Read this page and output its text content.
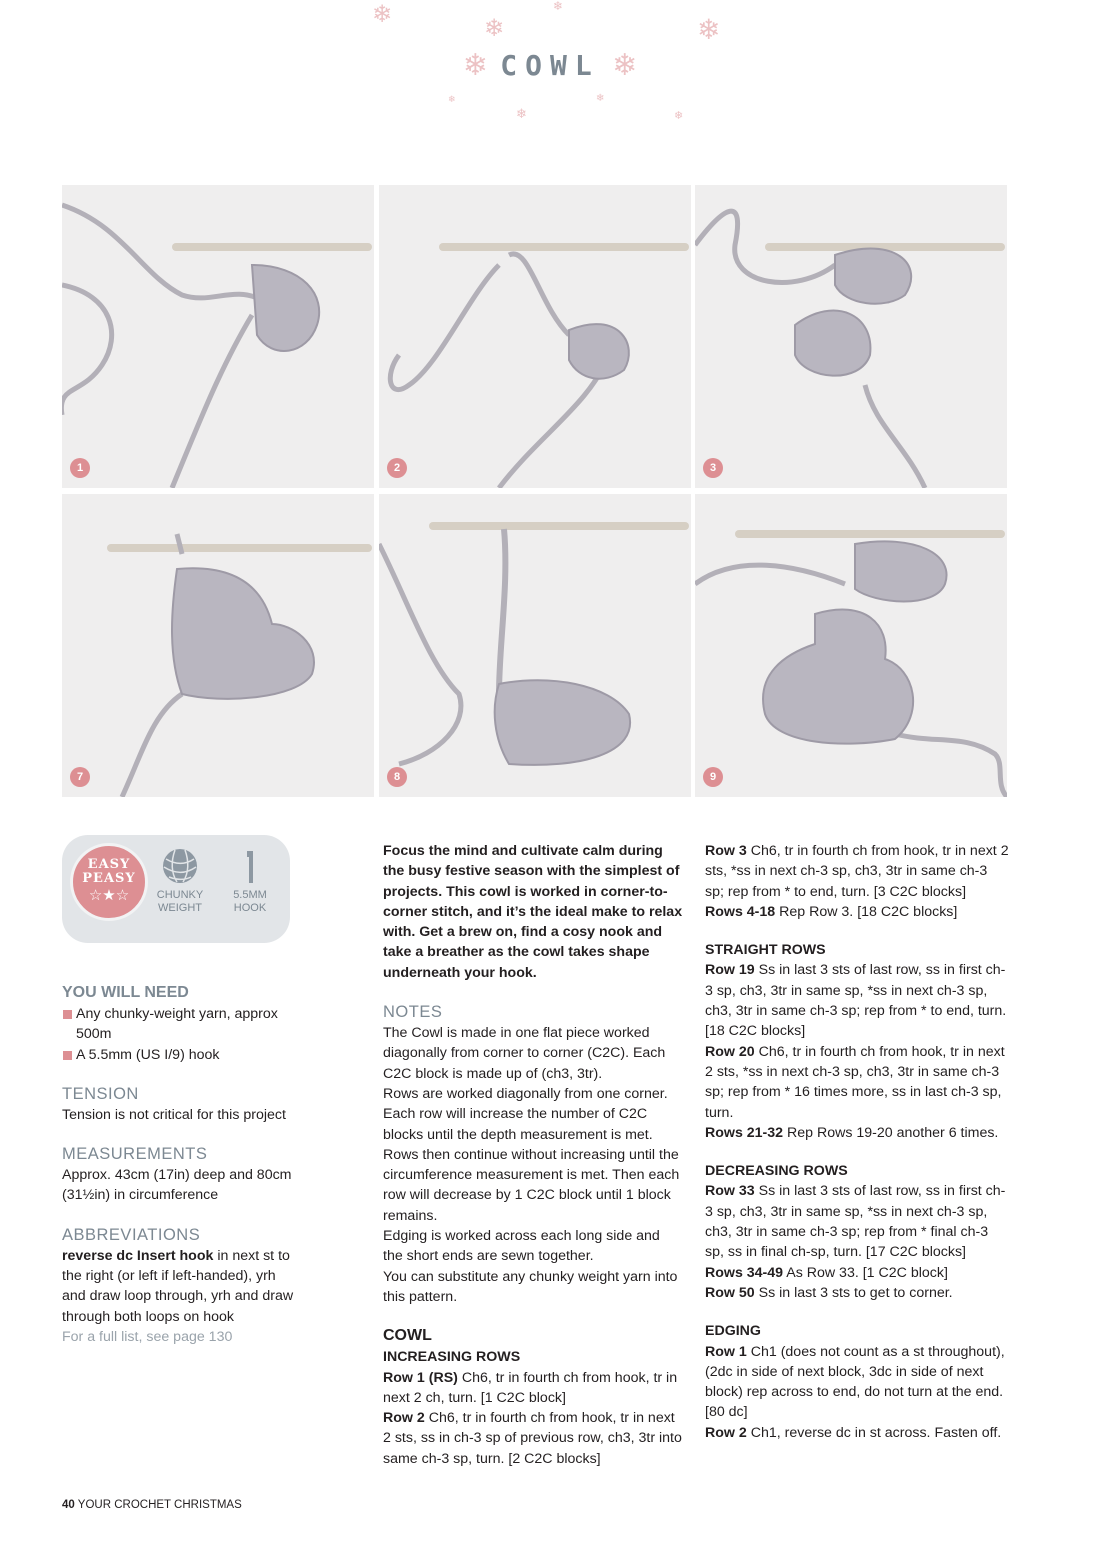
❄	❄
❄
❄
❄
❄
❄
❄
❄ COWL ❄
1	2	3
7	8	9
EASY
PEASY
☆★☆	CHUNKY
WEIGHT
5.5MM
HOOK
YOU WILL NEED

Any chunky-weight yarn, approx 500m

A 5.5mm (US I/9) hook

TENSION

Tension is not critical for this project

MEASUREMENTS

Approx. 43cm (17in) deep and 80cm (31½in) in circumference

ABBREVIATIONS

reverse dc Insert hook in next st to the right (or left if left-handed), yrh and draw loop through, yrh and draw through both loops on hook

For a full list, see page 130

Focus the mind and cultivate calm during the busy festive season with the simplest of projects. This cowl is worked in corner-to-corner stitch, and it’s the ideal make to relax with. Get a brew on, find a cosy nook and take a breather as the cowl takes shape underneath your hook.

NOTES

The Cowl is made in one flat piece worked diagonally from corner to corner (C2C). Each C2C block is made up of (ch3, 3tr).

Rows are worked diagonally from one corner. Each row will increase the number of C2C blocks until the depth measurement is met. Rows then continue without increasing until the circumference measurement is met. Then each row will decrease by 1 C2C block until 1 block remains.

Edging is worked across each long side and the short ends are sewn together.

You can substitute any chunky weight yarn into this pattern.

COWL
INCREASING ROWS

Row 1 (RS) Ch6, tr in fourth ch from hook, tr in next 2 ch, turn. [1 C2C block]

Row 2 Ch6, tr in fourth ch from hook, tr in next 2 sts, ss in ch-3 sp of previous row, ch3, 3tr into same ch-3 sp, turn. [2 C2C blocks]

Row 3 Ch6, tr in fourth ch from hook, tr in next 2 sts, *ss in next ch-3 sp, ch3, 3tr in same ch-3 sp; rep from * to end, turn. [3 C2C blocks]

Rows 4-18 Rep Row 3. [18 C2C blocks]

STRAIGHT ROWS

Row 19 Ss in last 3 sts of last row, ss in first ch-3 sp, ch3, 3tr in same sp, *ss in next ch-3 sp, ch3, 3tr in same ch-3 sp; rep from * to end, turn.[18 C2C blocks]

Row 20 Ch6, tr in fourth ch from hook, tr in next 2 sts, *ss in next ch-3 sp, ch3, 3tr in same ch-3 sp; rep from * 16 times more, ss in last ch-3 sp, turn.

Rows 21-32 Rep Rows 19-20 another 6 times.

DECREASING ROWS

Row 33 Ss in last 3 sts of last row, ss in first ch-3 sp, ch3, 3tr in same sp, *ss in next ch-3 sp, ch3, 3tr in same ch-3 sp; rep from * final ch-3 sp, ss in final ch-sp, turn. [17 C2C blocks]

Rows 34-49 As Row 33. [1 C2C block]

Row 50 Ss in last 3 sts to get to corner.

EDGING

Row 1 Ch1 (does not count as a st throughout), (2dc in side of next block, 3dc in side of next block) rep across to end, do not turn at the end. [80 dc]

Row 2 Ch1, reverse dc in st across. Fasten off.

40 YOUR CROCHET CHRISTMAS
